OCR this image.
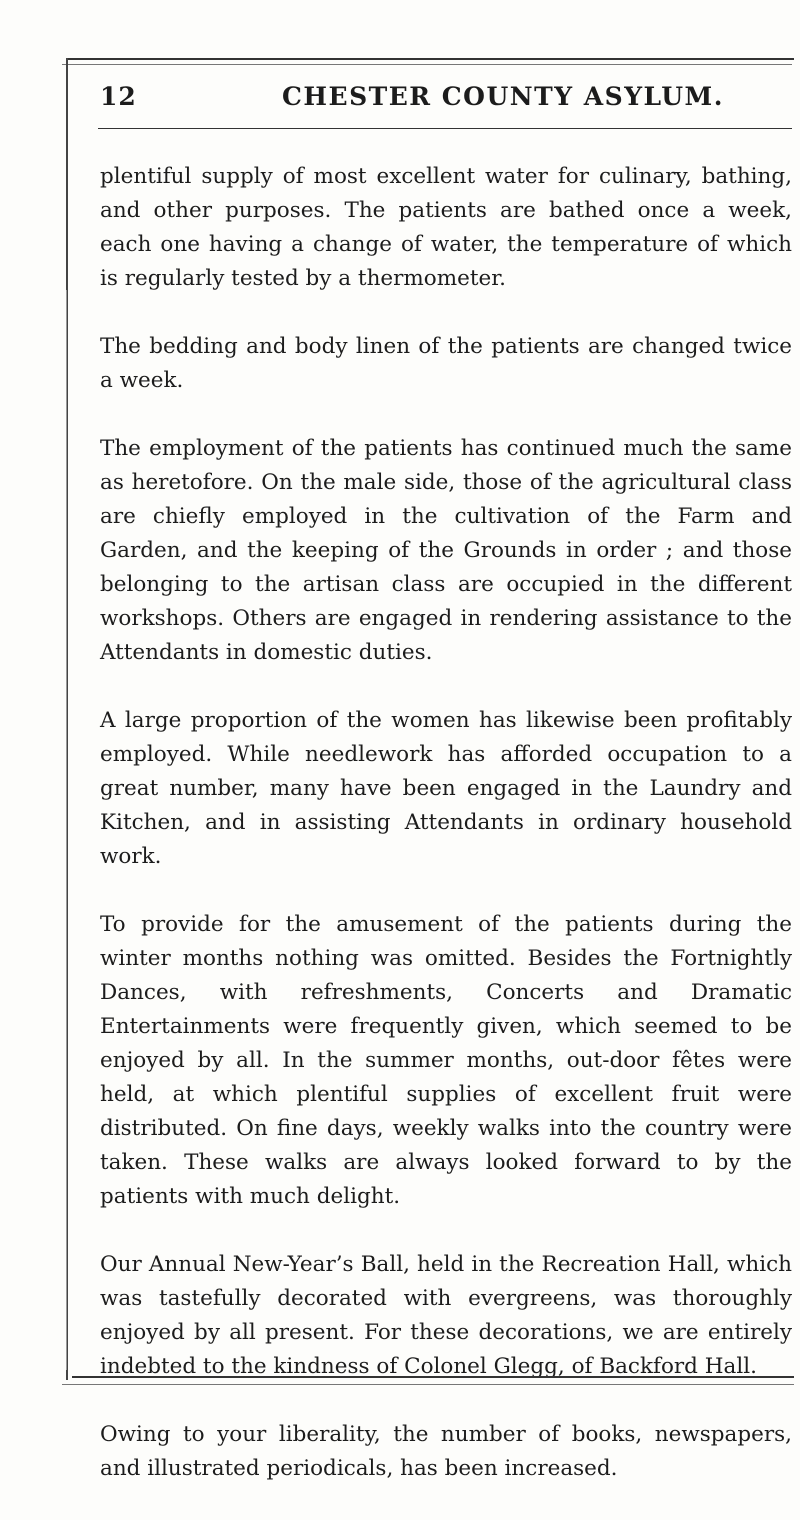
12	CHESTER COUNTY ASYLUM.

plentiful supply of most excellent water for culinary, bathing, and other purposes. The patients are bathed once a week, each one having a change of water, the temperature of which is regularly tested by a thermometer.

The bedding and body linen of the patients are changed twice a week.

The employment of the patients has continued much the same as heretofore. On the male side, those of the agricultural class are chiefly employed in the cultivation of the Farm and Garden, and the keeping of the Grounds in order ; and those belonging to the artisan class are occupied in the different workshops. Others are engaged in rendering assistance to the Attendants in domestic duties.

A large proportion of the women has likewise been profitably employed. While needlework has afforded occupation to a great number, many have been engaged in the Laundry and Kitchen, and in assisting Attendants in ordinary household work.

To provide for the amusement of the patients during the winter months nothing was omitted. Besides the Fortnightly Dances, with refreshments, Concerts and Dramatic Entertainments were frequently given, which seemed to be enjoyed by all. In the summer months, out-door fêtes were held, at which plentiful supplies of excellent fruit were distributed. On fine days, weekly walks into the country were taken. These walks are always looked forward to by the patients with much delight.

Our Annual New-Year’s Ball, held in the Recreation Hall, which was tastefully decorated with evergreens, was thoroughly enjoyed by all present. For these decorations, we are entirely indebted to the kindness of Colonel Glegg, of Backford Hall.

Owing to your liberality, the number of books, newspapers, and illustrated periodicals, has been increased.
